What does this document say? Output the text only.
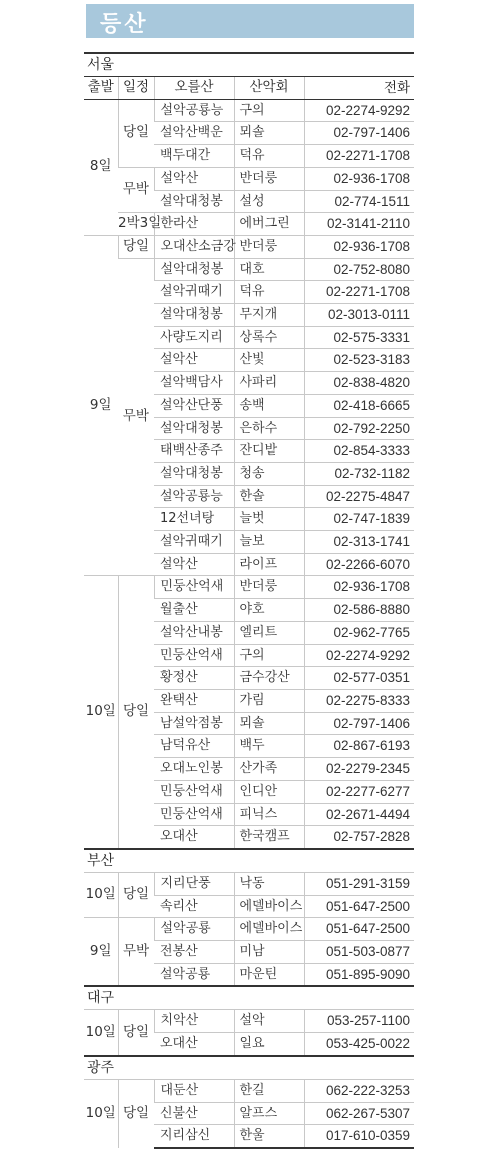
등산
서울				
출발	일정	오를산	산악회	전화
8일	당일	설악공룡능	구의	02-2274-9292
		설악산백운	뫼솔	02-797-1406
		백두대간	덕유	02-2271-1708
	무박	설악산	반더룽	02-936-1708
		설악대청봉	설성	02-774-1511
	2박3일	한라산	에버그린	02-3141-2110
9일	당일	오대산소금강	반더룽	02-936-1708
	무박	설악대청봉	대호	02-752-8080
		설악귀때기	덕유	02-2271-1708
		설악대청봉	무지개	02-3013-0111
		사량도지리	상록수	02-575-3331
		설악산	산빛	02-523-3183
		설악백담사	사파리	02-838-4820
		설악산단풍	송백	02-418-6665
		설악대청봉	은하수	02-792-2250
		태백산종주	잔디밭	02-854-3333
		설악대청봉	청송	02-732-1182
		설악공룡능	한솔	02-2275-4847
		12선녀탕	늘벗	02-747-1839
		설악귀때기	늘보	02-313-1741
		설악산	라이프	02-2266-6070
10일	당일	민둥산억새	반더룽	02-936-1708
		월출산	야호	02-586-8880
		설악산내봉	엘리트	02-962-7765
		민둥산억새	구의	02-2274-9292
		황정산	금수강산	02-577-0351
		완택산	가림	02-2275-8333
		남설악점봉	뫼솔	02-797-1406
		남덕유산	백두	02-867-6193
		오대노인봉	산가족	02-2279-2345
		민둥산억새	인디안	02-2277-6277
		민둥산억새	피닉스	02-2671-4494
		오대산	한국캠프	02-757-2828
부산				
10일	당일	지리단풍	낙동	051-291-3159
		속리산	에델바이스	051-647-2500
9일	무박	설악공룡	에델바이스	051-647-2500
		전봉산	미남	051-503-0877
		설악공룡	마운틴	051-895-9090
대구				
10일	당일	치악산	설악	053-257-1100
		오대산	일요	053-425-0022
광주				
10일	당일	대둔산	한길	062-222-3253
		신불산	알프스	062-267-5307
		지리삼신	한울	017-610-0359
